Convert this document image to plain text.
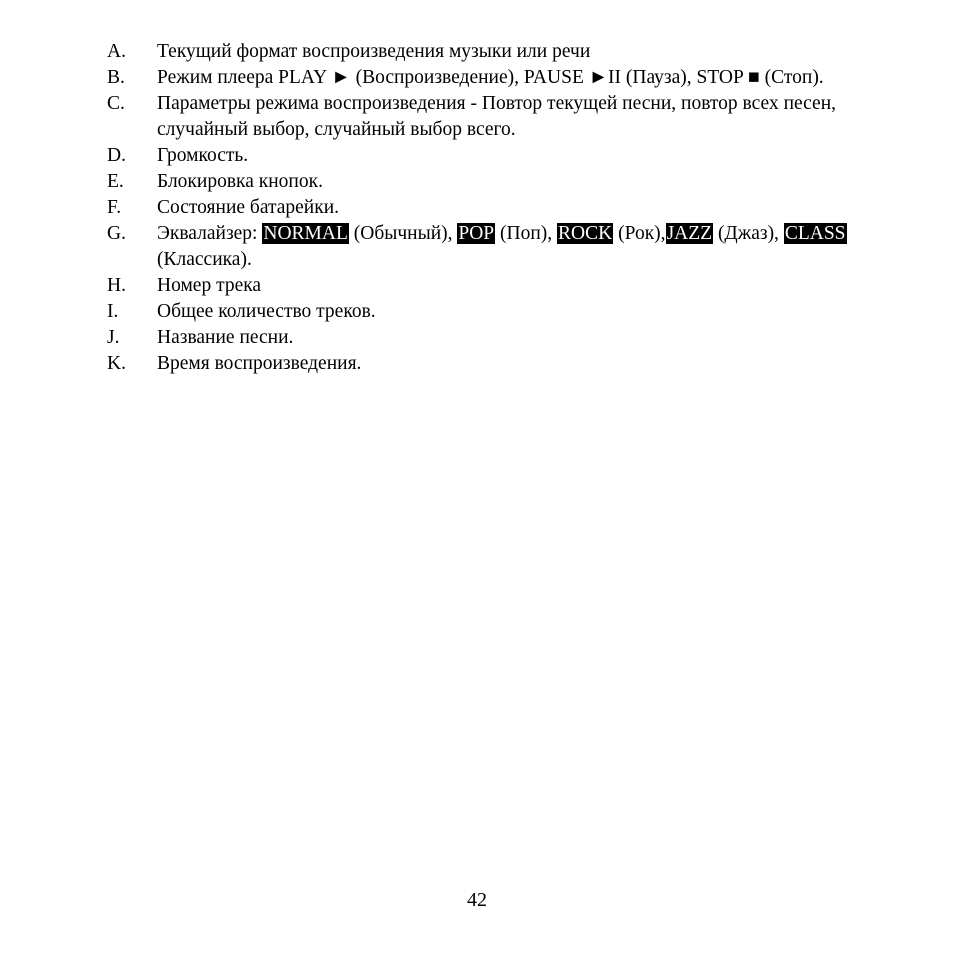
A.	Текущий формат воспроизведения музыки или речи
B.	Режим плеера PLAY ► (Воспроизведение), PAUSE ►II (Пауза), STOP ■ (Стоп).
C.	Параметры режима воспроизведения - Повтор текущей песни, повтор всех песен, случайный выбор, случайный выбор всего.
D.	Громкость.
E.	Блокировка кнопок.
F.	Состояние батарейки.
G.	Эквалайзер: NORMAL (Обычный), POP (Поп), ROCK (Рок),JAZZ (Джаз), CLASS (Классика).
H.	Номер трека
I.	Общее количество треков.
J.	Название песни.
K.	Время воспроизведения.
42
